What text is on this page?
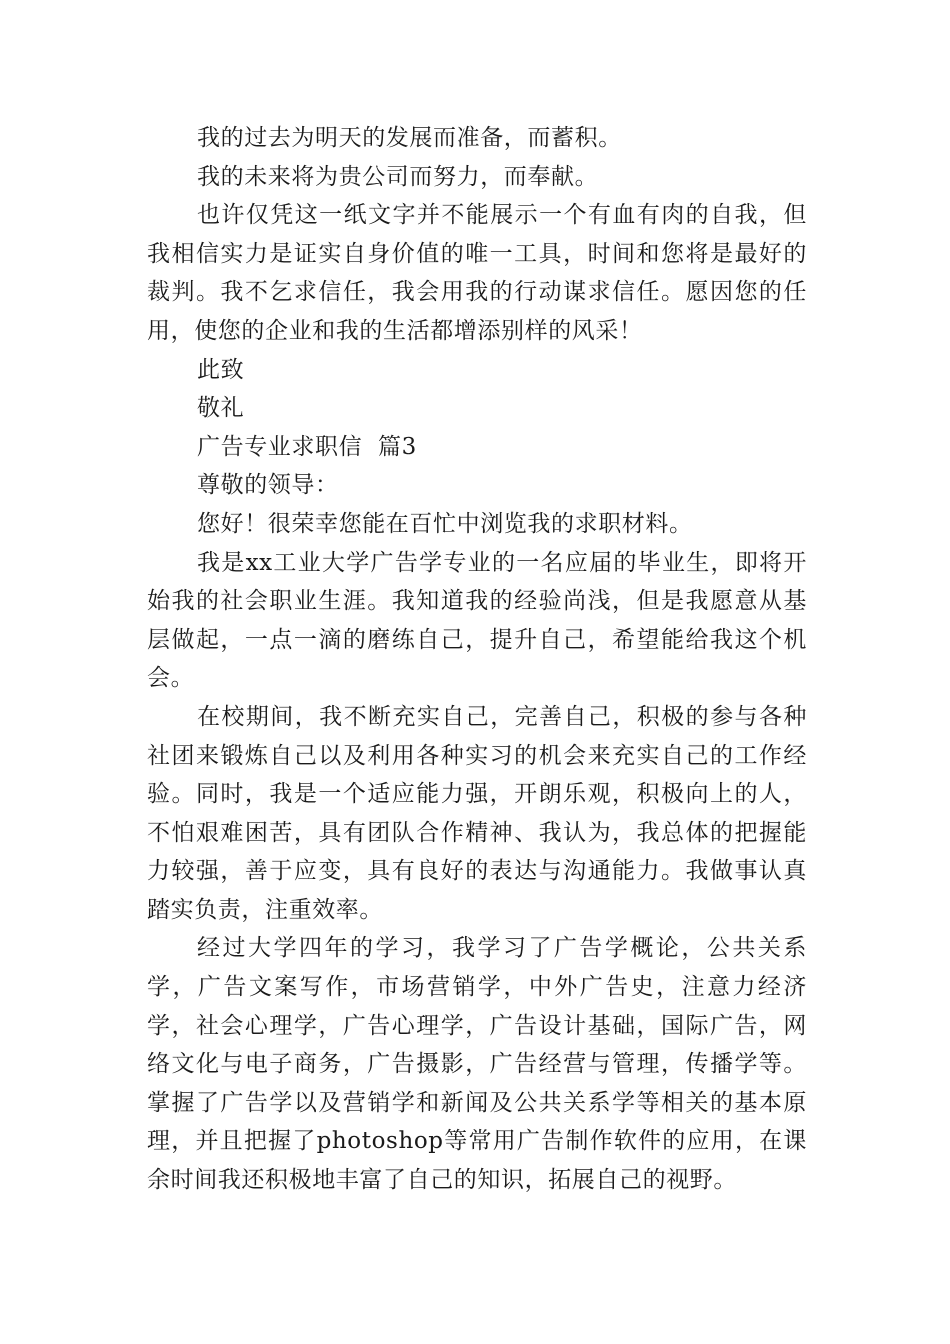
我的过去为明天的发展而准备，而蓄积。

我的未来将为贵公司而努力，而奉献。

也许仅凭这一纸文字并不能展示一个有血有肉的自我，但我相信实力是证实自身价值的唯一工具，时间和您将是最好的裁判。我不乞求信任，我会用我的行动谋求信任。愿因您的任用，使您的企业和我的生活都增添别样的风采！

此致

敬礼

广告专业求职信  篇3

尊敬的领导：

您好！很荣幸您能在百忙中浏览我的求职材料。

我是xx工业大学广告学专业的一名应届的毕业生，即将开始我的社会职业生涯。我知道我的经验尚浅，但是我愿意从基层做起，一点一滴的磨练自己，提升自己，希望能给我这个机会。

在校期间，我不断充实自己，完善自己，积极的参与各种社团来锻炼自己以及利用各种实习的机会来充实自己的工作经验。同时，我是一个适应能力强，开朗乐观，积极向上的人，不怕艰难困苦，具有团队合作精神、我认为，我总体的把握能力较强，善于应变，具有良好的表达与沟通能力。我做事认真踏实负责，注重效率。

经过大学四年的学习，我学习了广告学概论，公共关系学，广告文案写作，市场营销学，中外广告史，注意力经济学，社会心理学，广告心理学，广告设计基础，国际广告，网络文化与电子商务，广告摄影，广告经营与管理，传播学等。掌握了广告学以及营销学和新闻及公共关系学等相关的基本原理，并且把握了photoshop等常用广告制作软件的应用，在课余时间我还积极地丰富了自己的知识，拓展自己的视野。
